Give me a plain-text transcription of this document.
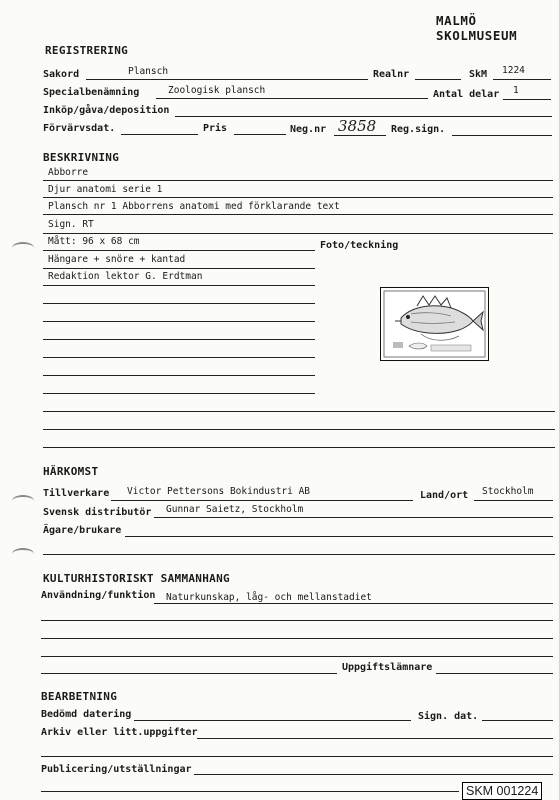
MALMÖ SKOLMUSEUM
REGISTRERING
Sakord	Plansch	Realnr	SkM 1224
Specialbenämning	Zoologisk plansch	Antal delar 1
Inköp/gåva/deposition
Förvärvsdat.	Pris	Neg.nr 3858 Reg.sign.
BESKRIVNING
Abborre
Djur anatomi serie 1
Plansch nr 1 Abborrens anatomi med förklarande text
Sign. RT
Mått: 96 x 68 cm	Foto/teckning
Hängare + snöre + kantad
Redaktion lektor G. Erdtman
HÄRKOMST
Tillverkare Victor Pettersons Bokindustri AB	Land/ort Stockholm
Svensk distributör Gunnar Saietz, Stockholm
Ägare/brukare
KULTURHISTORISKT SAMMANHANG
Användning/funktion Naturkunskap, låg- och mellanstadiet
Uppgiftslämnare
BEARBETNING
Bedömd datering	Sign. dat.
Arkiv eller litt.uppgifter
Publicering/utställningar
SKM 001224
